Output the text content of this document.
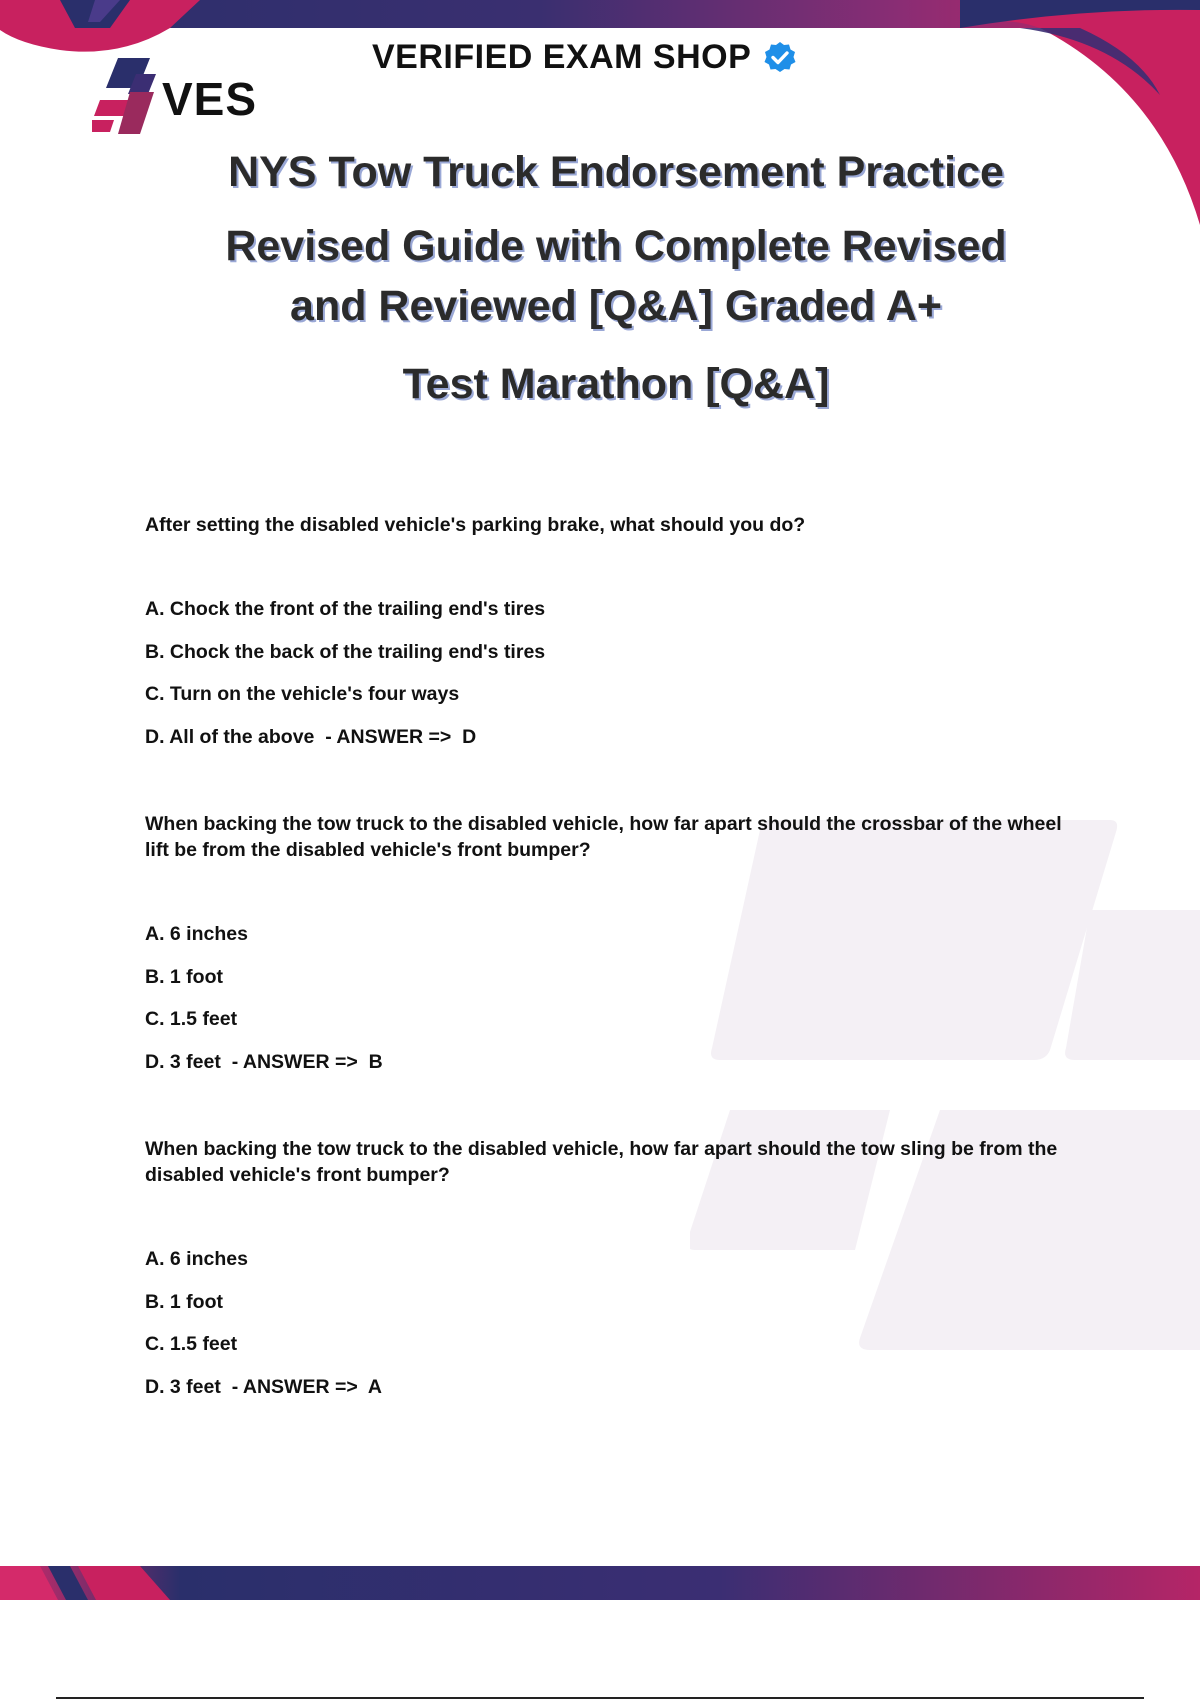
VERIFIED EXAM SHOP
VES
NYS Tow Truck Endorsement Practice
Revised Guide with Complete Revised
and Reviewed [Q&A] Graded A+
Test Marathon [Q&A]
After setting the disabled vehicle's parking brake, what should you do?
A. Chock the front of the trailing end's tires
B. Chock the back of the trailing end's tires
C. Turn on the vehicle's four ways
D. All of the above  - ANSWER =>  D
When backing the tow truck to the disabled vehicle, how far apart should the crossbar of the wheel lift be from the disabled vehicle's front bumper?
A. 6 inches
B. 1 foot
C. 1.5 feet
D. 3 feet  - ANSWER =>  B
When backing the tow truck to the disabled vehicle, how far apart should the tow sling be from the disabled vehicle's front bumper?
A. 6 inches
B. 1 foot
C. 1.5 feet
D. 3 feet  - ANSWER =>  A
